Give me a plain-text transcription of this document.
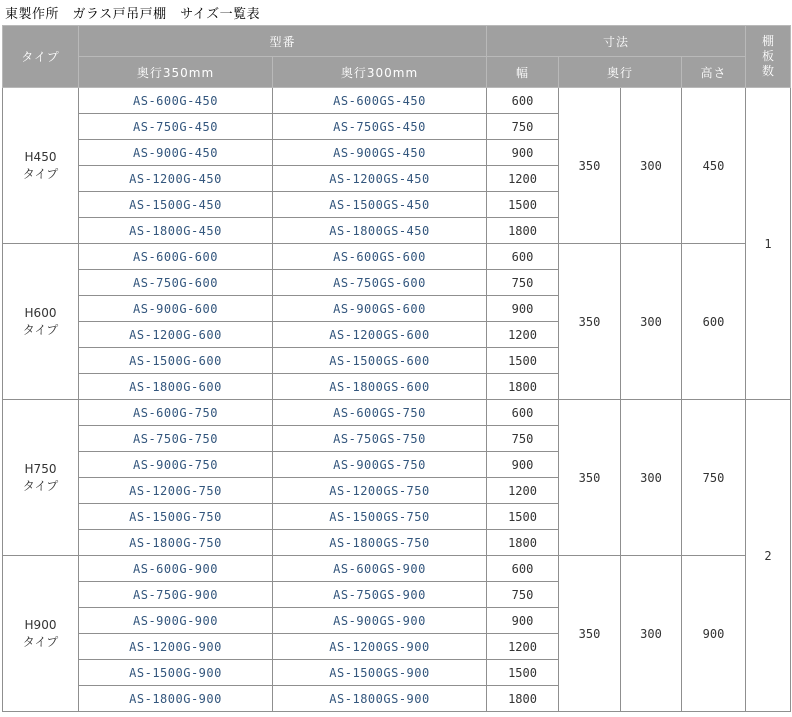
東製作所　ガラス戸吊戸棚　サイズ一覧表
タイプ	型番		寸法				棚板数

	奥行350mm	奥行300mm	幅	奥行		高さ	
H450
タイプ	AS-600G-450	AS-600GS-450	600	350	300	450	1
	AS-750G-450	AS-750GS-450	750				
	AS-900G-450	AS-900GS-450	900				
	AS-1200G-450	AS-1200GS-450	1200				
	AS-1500G-450	AS-1500GS-450	1500				
	AS-1800G-450	AS-1800GS-450	1800				
H600
タイプ	AS-600G-600	AS-600GS-600	600	350	300	600	
	AS-750G-600	AS-750GS-600	750				
	AS-900G-600	AS-900GS-600	900				
	AS-1200G-600	AS-1200GS-600	1200				
	AS-1500G-600	AS-1500GS-600	1500				
	AS-1800G-600	AS-1800GS-600	1800				
H750
タイプ	AS-600G-750	AS-600GS-750	600	350	300	750	2
	AS-750G-750	AS-750GS-750	750				
	AS-900G-750	AS-900GS-750	900				
	AS-1200G-750	AS-1200GS-750	1200				
	AS-1500G-750	AS-1500GS-750	1500				
	AS-1800G-750	AS-1800GS-750	1800				
H900
タイプ	AS-600G-900	AS-600GS-900	600	350	300	900	
	AS-750G-900	AS-750GS-900	750				
	AS-900G-900	AS-900GS-900	900				
	AS-1200G-900	AS-1200GS-900	1200				
	AS-1500G-900	AS-1500GS-900	1500				
	AS-1800G-900	AS-1800GS-900	1800				
